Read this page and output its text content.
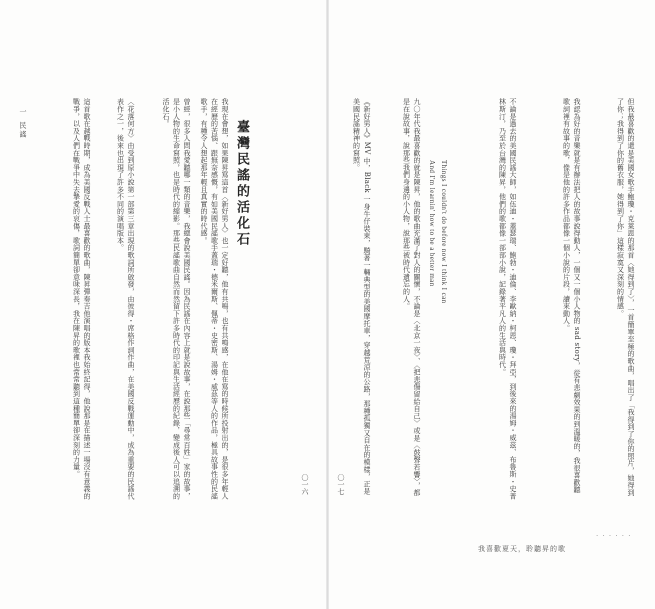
一 民謠	我現在會想，如果陳昇寫這首〈新好男人〉也一定好聽，他有共鳴，也有共鳴感，在他在寫的時候所投射出的，是很多年輕人在經歷的苦惱、跟無奈感慨，有如美國民謠歌手蓋瑞・德米爾斯、佩蒂・史密斯、湯姆・威茲等人的作品，極具故事性的民謠歌手，有種令人想起那年輕且真實的時代感。	臺灣民謠的活化石
曾經，很多人問我愛聽哪一類的音樂，我總會說美國民謠。因為民謠在內容上就是說故事，在說那些「尋常百姓」家的故事，是小人物的生命寫照，也是時代的縮影。那些民謠歌曲自然而然留下許多時代的印記與生活經歷的紀錄，變成後人可以追溯的活化石。
〈花落何方〉由受到原小說第一部第三章出現的歌詞所啟發，由彼得・席格作詞作曲，在美國反戰運動中，成為重要的民謠代表作之一，後來也出現了許多不同的演唱版本。
這首歌在越戰時期，成為美國反戰人士最喜歡的歌曲，陳昇彈奏吉他演唱的版本我始終記得，他說那是在描述一場沒有意義的戰爭，以及人們在戰爭中失去摯愛的哀傷，歌詞簡單卻意味深長，我在陳昇的歌裡也常常聽到這種簡單卻深刻的力量。
〇一六	〇一七	但我最喜歡的還是美國女歌手鮑瓊・克萊恩的那首〈她得到了〉，一首簡單至極的歌曲，唱出了「我得到了你的照片，她得到了你；我得到了你的舊衣服，她得到了你」這樣寂寞又深刻的情感。
我認為好的音樂就是有辦法把人的故事說得動人，一個又一個小人物的 sad story，從有悲劇效果的到溫暖的，我很喜歡聽歌詞裡有故事的歌，像是他的許多作品都像一個小說的片段，讀來動人。
不論是過去的美國民謠大師，如伍迪・蓋瑟瑞、鮑勃・迪倫、李歐納・柯恩、瓊・拜亞，到後來的湯姆・威茲、布魯斯・史普林斯汀，乃至於台灣的陳昇，他們的歌都像一部部小說，記錄著平凡人的生活與時代。
Things I couldn't do before now I think I can
And I'm learnin' how to be a better man
九〇年代我最喜歡的就是陳昇，他的歌曲充滿了對人的關懷，不論是〈北京一夜〉、〈把悲傷留給自己〉或是〈鼓聲若響〉，都是在說故事，說那些我們身邊的小人物，說那些被時代遺忘的人。
《新好男人》MV 中，Black 一身牛仔裝束，騎著一輛典型的美國摩托車，穿越荒涼的公路，那種孤獨又自在的模樣，正是美國民謠精神的寫照。
我喜歡夏天，聆聽昇的歌
· · · · · ·
